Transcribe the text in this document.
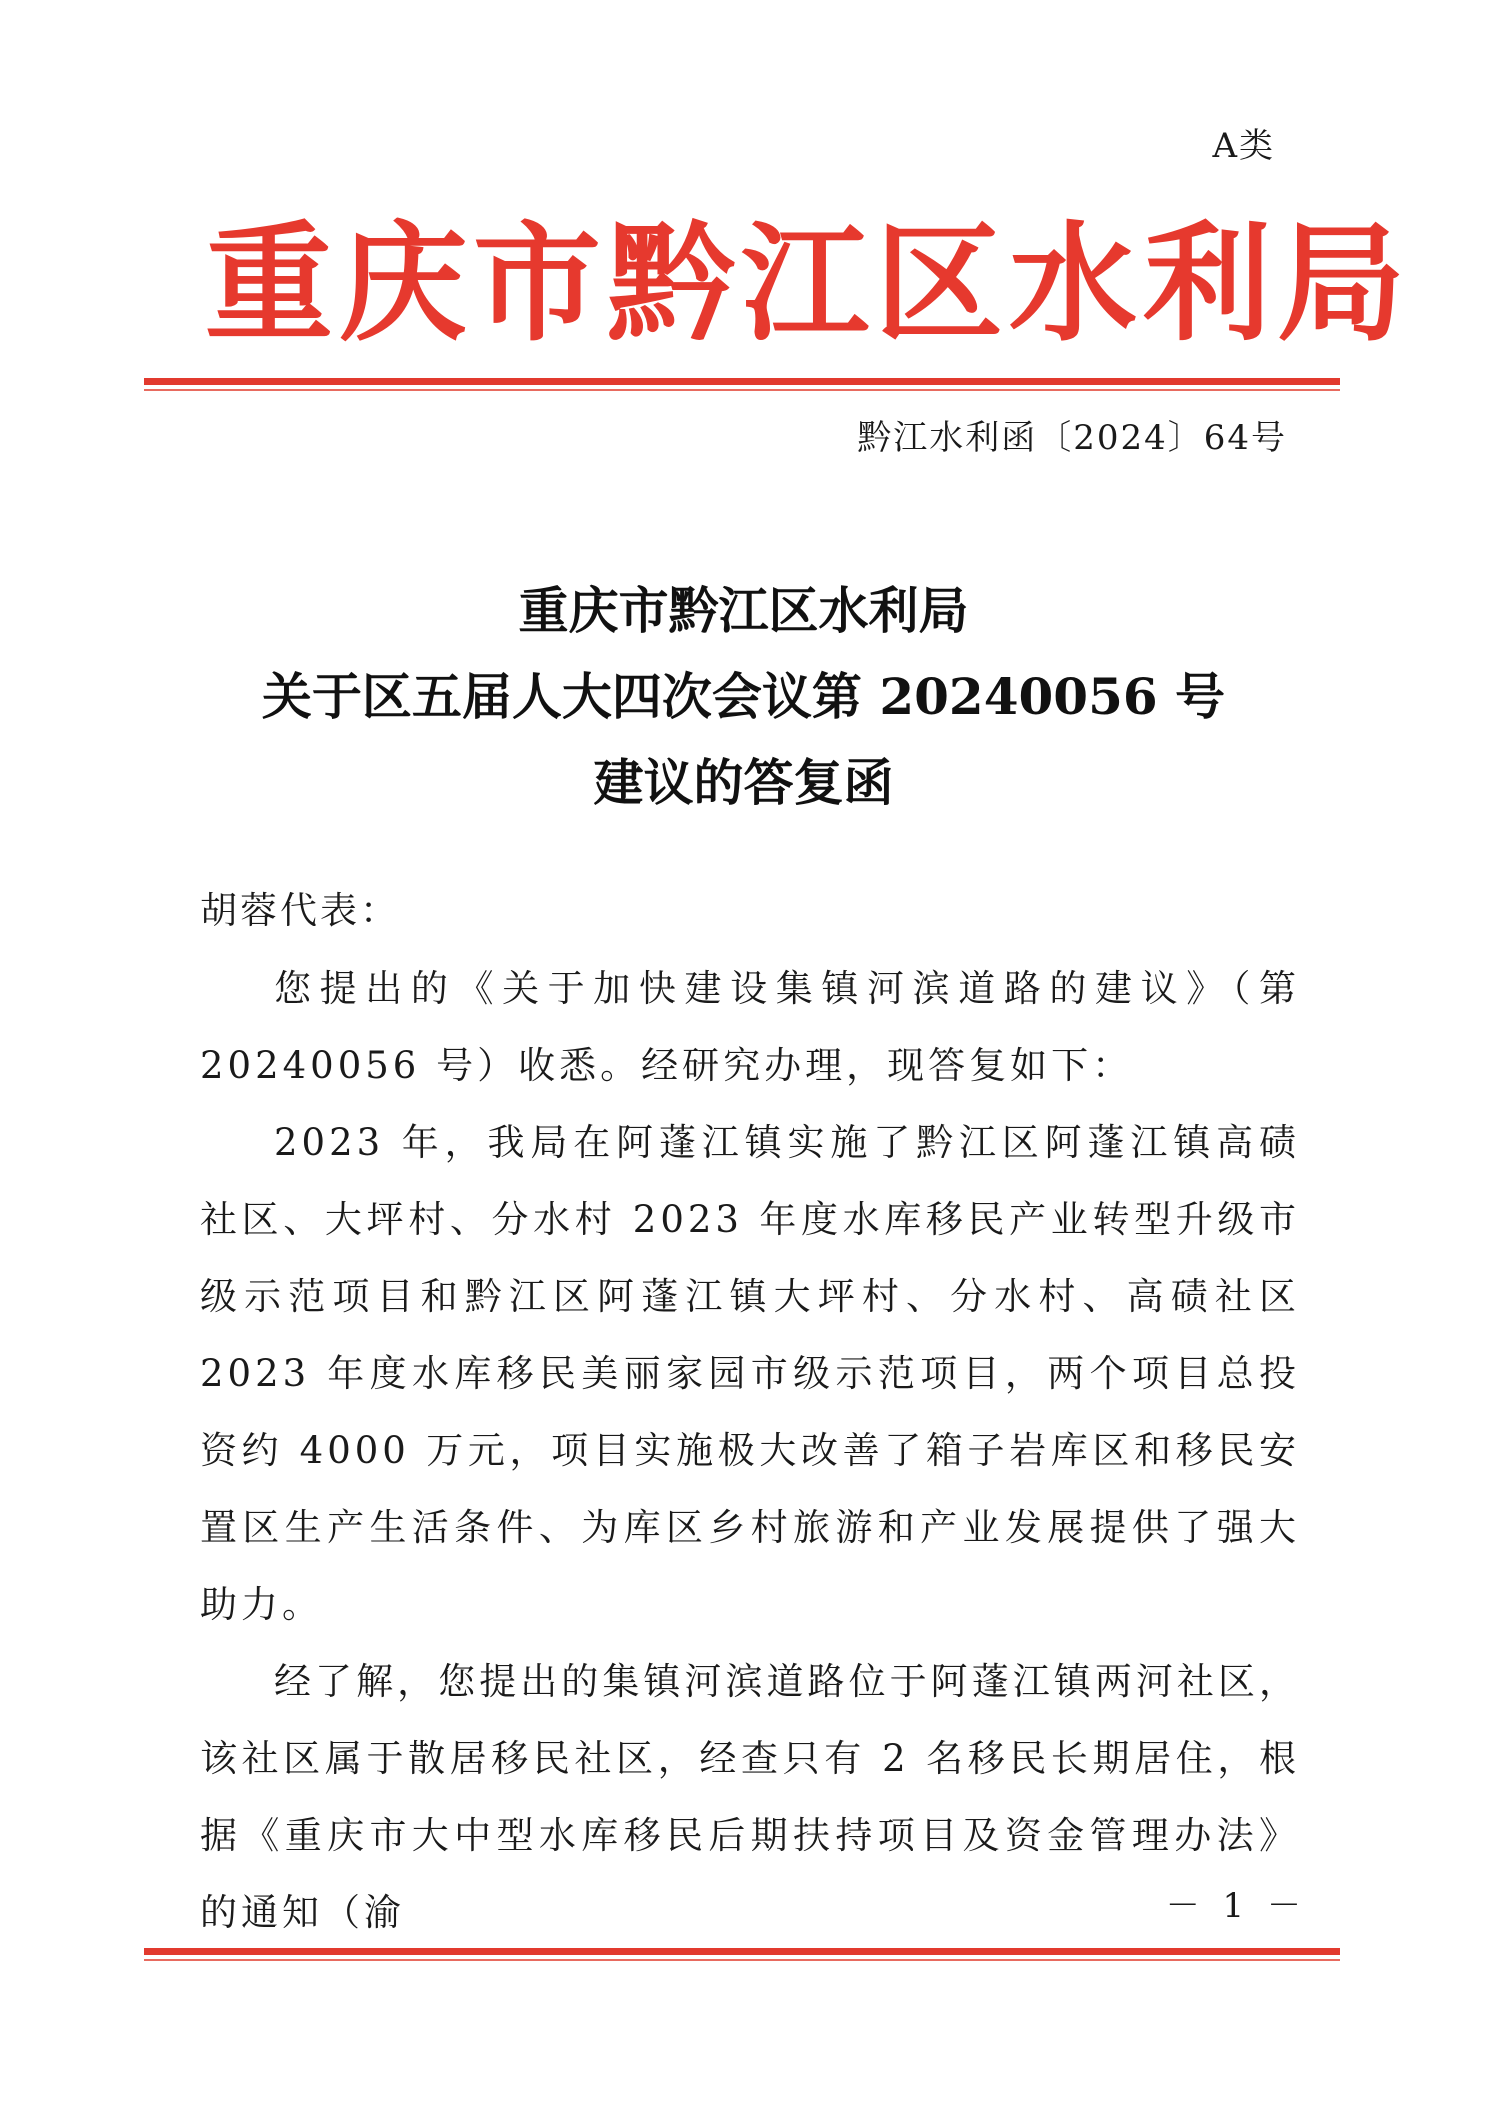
A类
重庆市黔江区水利局
黔江水利函〔2024〕64号
重庆市黔江区水利局
关于区五届人大四次会议第 20240056 号
建议的答复函
胡蓉代表：

您提出的《关于加快建设集镇河滨道路的建议》（第 20240056 号）收悉。经研究办理，现答复如下：

2023 年，我局在阿蓬江镇实施了黔江区阿蓬江镇高碛社区、大坪村、分水村 2023 年度水库移民产业转型升级市级示范项目和黔江区阿蓬江镇大坪村、分水村、高碛社区 2023 年度水库移民美丽家园市级示范项目，两个项目总投资约 4000 万元，项目实施极大改善了箱子岩库区和移民安置区生产生活条件、为库区乡村旅游和产业发展提供了强大助力。

经了解，您提出的集镇河滨道路位于阿蓬江镇两河社区，该社区属于散居移民社区，经查只有 2 名移民长期居住，根据《重庆市大中型水库移民后期扶持项目及资金管理办法》的通知（渝	－ 1 －
